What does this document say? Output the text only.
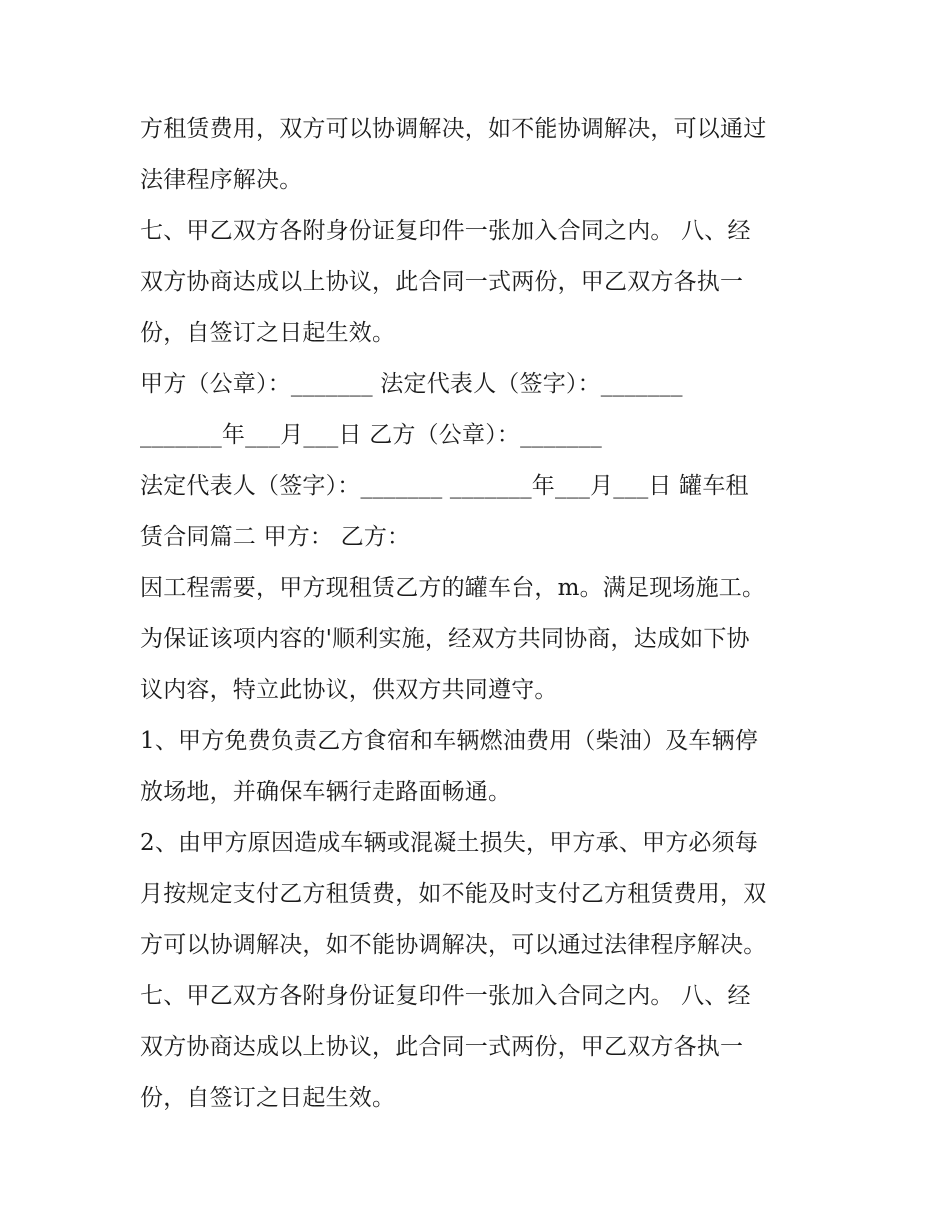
方租赁费用，双方可以协调解决，如不能协调解决，可以通过
法律程序解决。
七、甲乙双方各附身份证复印件一张加入合同之内。 八、经
双方协商达成以上协议，此合同一式两份，甲乙双方各执一
份，自签订之日起生效。
甲方（公章）：_______ 法定代表人（签字）：_______
_______年___月___日 乙方（公章）：_______
法定代表人（签字）：_______ _______年___月___日 罐车租
赁合同篇二 甲方： 乙方：
因工程需要，甲方现租赁乙方的罐车台，m。满足现场施工。
为保证该项内容的'顺利实施，经双方共同协商，达成如下协
议内容，特立此协议，供双方共同遵守。
1、甲方免费负责乙方食宿和车辆燃油费用（柴油）及车辆停
放场地，并确保车辆行走路面畅通。
2、由甲方原因造成车辆或混凝土损失，甲方承、甲方必须每
月按规定支付乙方租赁费，如不能及时支付乙方租赁费用，双
方可以协调解决，如不能协调解决，可以通过法律程序解决。
七、甲乙双方各附身份证复印件一张加入合同之内。 八、经
双方协商达成以上协议，此合同一式两份，甲乙双方各执一
份，自签订之日起生效。
